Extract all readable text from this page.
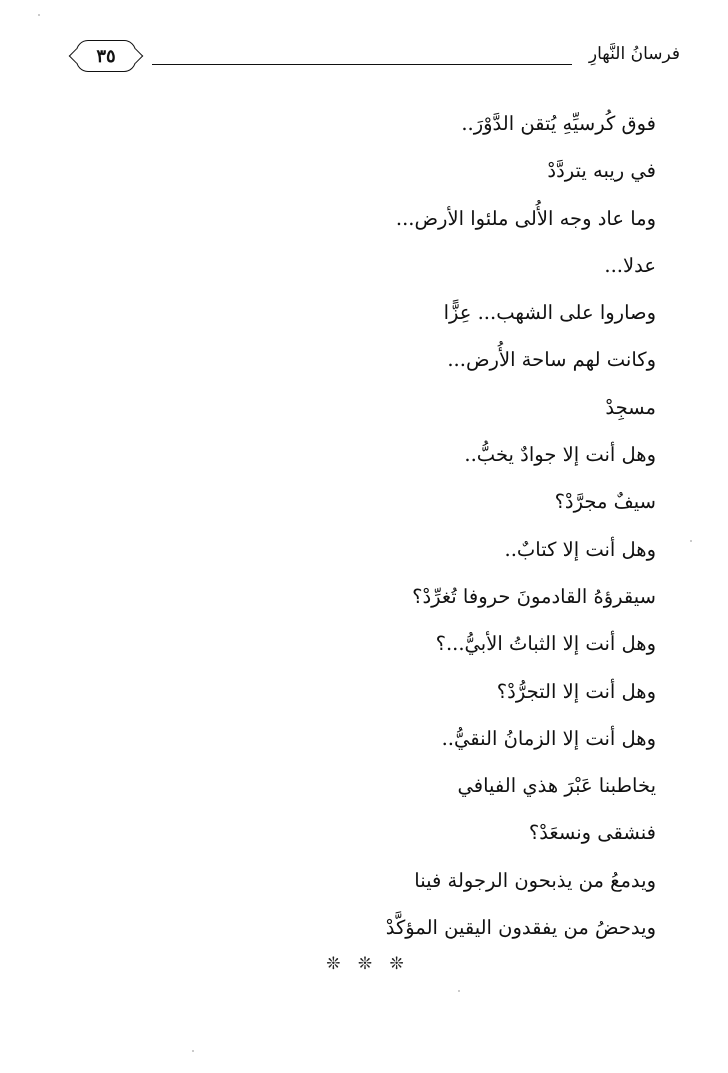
فرسانُ النَّهارِ
٣٥
فوق كُرسيِّهِ يُتقن الدَّوْرَ..
في ريبه يتردَّدْ
وما عاد وجه الأُلى ملئوا الأرض...
عدلا...
وصاروا على الشهب... عِزًّا
وكانت لهم ساحة الأُرض...
مسجِدْ
وهل أنت إلا جوادٌ يخبُّ..
سيفٌ مجرَّدْ؟
وهل أنت إلا كتابٌ..
سيقرؤهُ القادمونَ حروفا تُغرِّدْ؟
وهل أنت إلا الثباتُ الأبيُّ...؟
وهل أنت إلا التجرُّدْ؟
وهل أنت إلا الزمانُ النقيُّ..
يخاطبنا عَبْرَ هذي الفيافي
فنشقى ونسعَدْ؟
ويدمعُ من يذبحون الرجولة فينا
ويدحضُ من يفقدون اليقين المؤكَّدْ
❊ ❊ ❊
